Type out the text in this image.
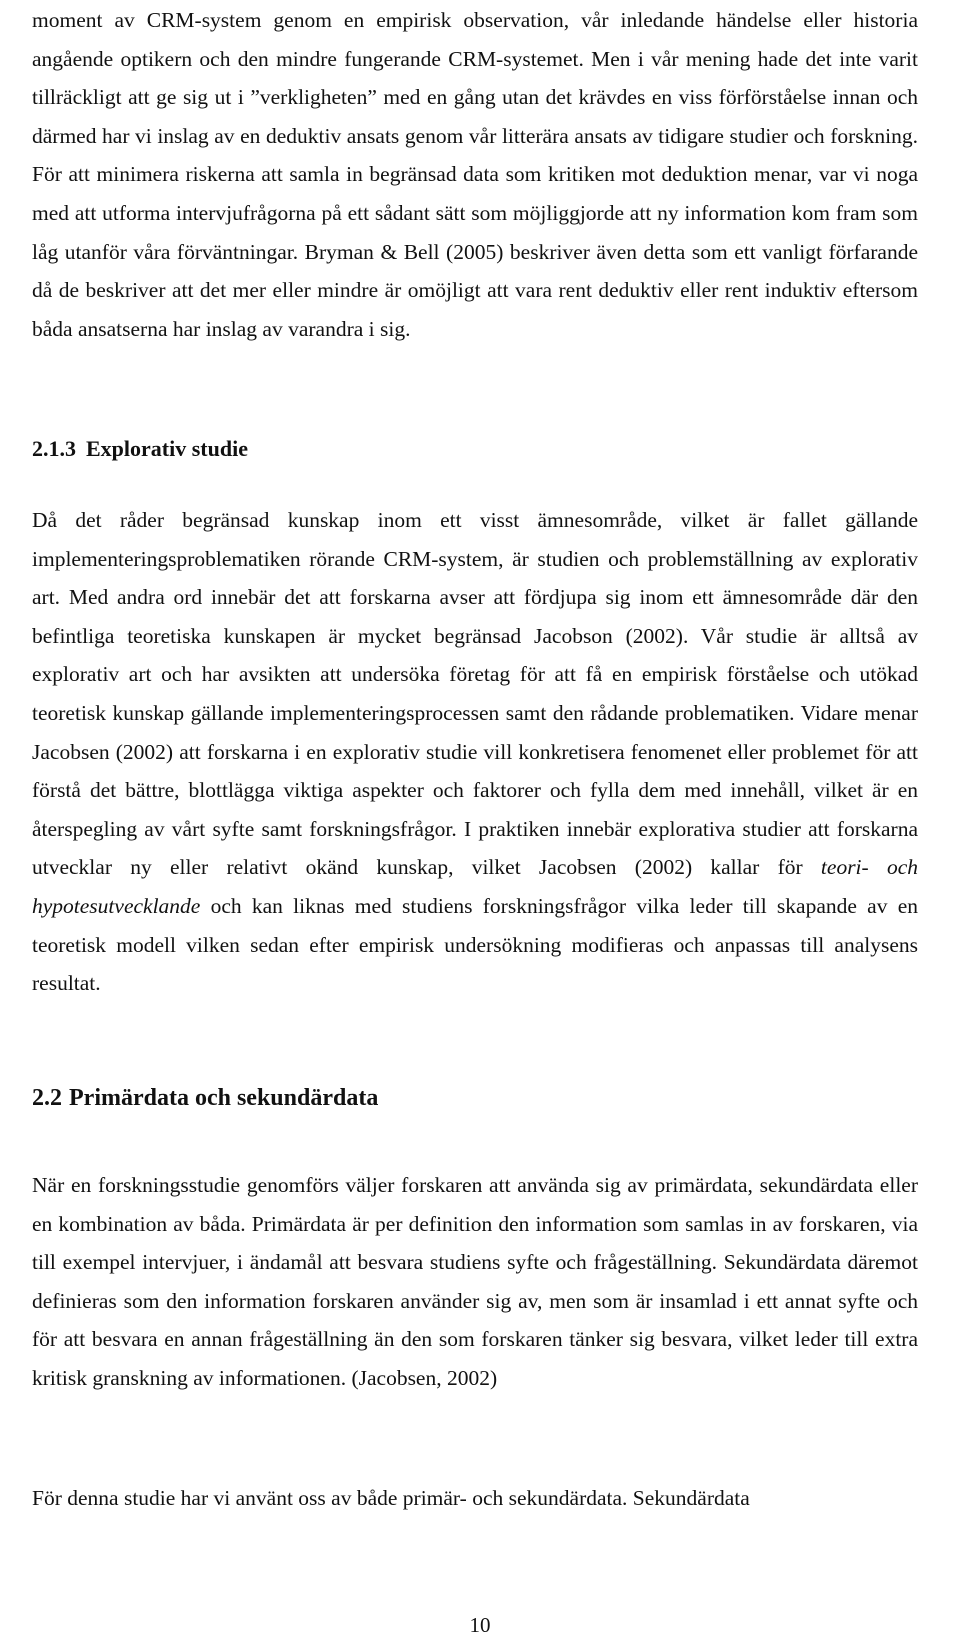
moment av CRM-system genom en empirisk observation, vår inledande händelse eller historia angående optikern och den mindre fungerande CRM-systemet. Men i vår mening hade det inte varit tillräckligt att ge sig ut i ”verkligheten” med en gång utan det krävdes en viss förförståelse innan och därmed har vi inslag av en deduktiv ansats genom vår litterära ansats av tidigare studier och forskning. För att minimera riskerna att samla in begränsad data som kritiken mot deduktion menar, var vi noga med att utforma intervjufrågorna på ett sådant sätt som möjliggjorde att ny information kom fram som låg utanför våra förväntningar. Bryman & Bell (2005) beskriver även detta som ett vanligt förfarande då de beskriver att det mer eller mindre är omöjligt att vara rent deduktiv eller rent induktiv eftersom båda ansatserna har inslag av varandra i sig.

2.1.3 Explorativ studie

Då det råder begränsad kunskap inom ett visst ämnesområde, vilket är fallet gällande implementeringsproblematiken rörande CRM-system, är studien och problemställning av explorativ art. Med andra ord innebär det att forskarna avser att fördjupa sig inom ett ämnesområde där den befintliga teoretiska kunskapen är mycket begränsad Jacobson (2002). Vår studie är alltså av explorativ art och har avsikten att undersöka företag för att få en empirisk förståelse och utökad teoretisk kunskap gällande implementeringsprocessen samt den rådande problematiken. Vidare menar Jacobsen (2002) att forskarna i en explorativ studie vill konkretisera fenomenet eller problemet för att förstå det bättre, blottlägga viktiga aspekter och faktorer och fylla dem med innehåll, vilket är en återspegling av vårt syfte samt forskningsfrågor. I praktiken innebär explorativa studier att forskarna utvecklar ny eller relativt okänd kunskap, vilket Jacobsen (2002) kallar för teori- och hypotesutvecklande och kan liknas med studiens forskningsfrågor vilka leder till skapande av en teoretisk modell vilken sedan efter empirisk undersökning modifieras och anpassas till analysens resultat.

2.2 Primärdata och sekundärdata

När en forskningsstudie genomförs väljer forskaren att använda sig av primärdata, sekundärdata eller en kombination av båda. Primärdata är per definition den information som samlas in av forskaren, via till exempel intervjuer, i ändamål att besvara studiens syfte och frågeställning. Sekundärdata däremot definieras som den information forskaren använder sig av, men som är insamlad i ett annat syfte och för att besvara en annan frågeställning än den som forskaren tänker sig besvara, vilket leder till extra kritisk granskning av informationen. (Jacobsen, 2002)

För denna studie har vi använt oss av både primär- och sekundärdata. Sekundärdata

10
